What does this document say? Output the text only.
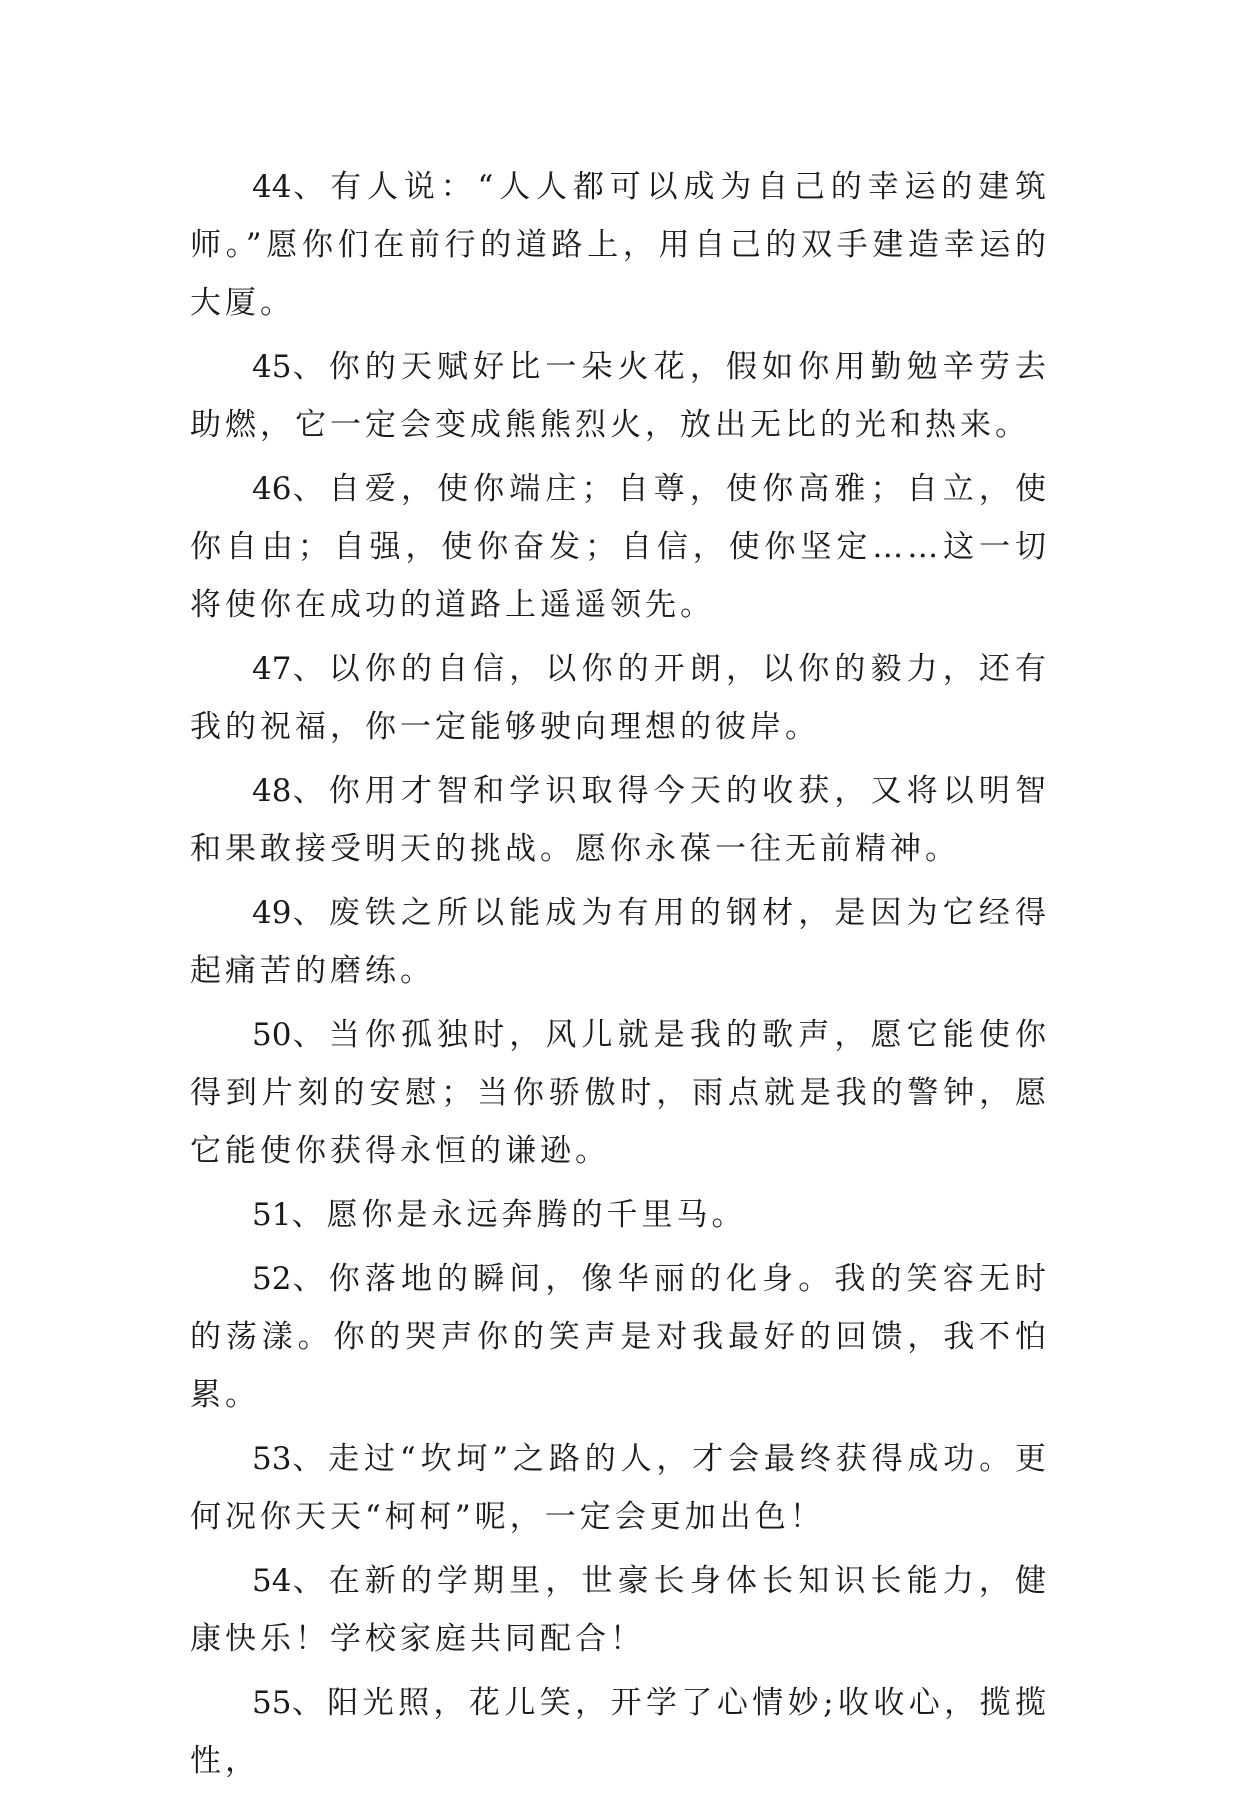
44、有人说：“人人都可以成为自己的幸运的建筑师。”愿你们在前行的道路上，用自己的双手建造幸运的大厦。

45、你的天赋好比一朵火花，假如你用勤勉辛劳去助燃，它一定会变成熊熊烈火，放出无比的光和热来。

46、自爱，使你端庄；自尊，使你高雅；自立，使你自由；自强，使你奋发；自信，使你坚定……这一切将使你在成功的道路上遥遥领先。

47、以你的自信，以你的开朗，以你的毅力，还有我的祝福，你一定能够驶向理想的彼岸。

48、你用才智和学识取得今天的收获，又将以明智和果敢接受明天的挑战。愿你永葆一往无前精神。

49、废铁之所以能成为有用的钢材，是因为它经得起痛苦的磨练。

50、当你孤独时，风儿就是我的歌声，愿它能使你得到片刻的安慰；当你骄傲时，雨点就是我的警钟，愿它能使你获得永恒的谦逊。

51、愿你是永远奔腾的千里马。

52、你落地的瞬间，像华丽的化身。我的笑容无时的荡漾。你的哭声你的笑声是对我最好的回馈，我不怕累。

53、走过“坎坷”之路的人，才会最终获得成功。更何况你天天“柯柯”呢，一定会更加出色！

54、在新的学期里，世豪长身体长知识长能力，健康快乐！学校家庭共同配合！

55、阳光照，花儿笑，开学了心情妙;收收心，揽揽性，
